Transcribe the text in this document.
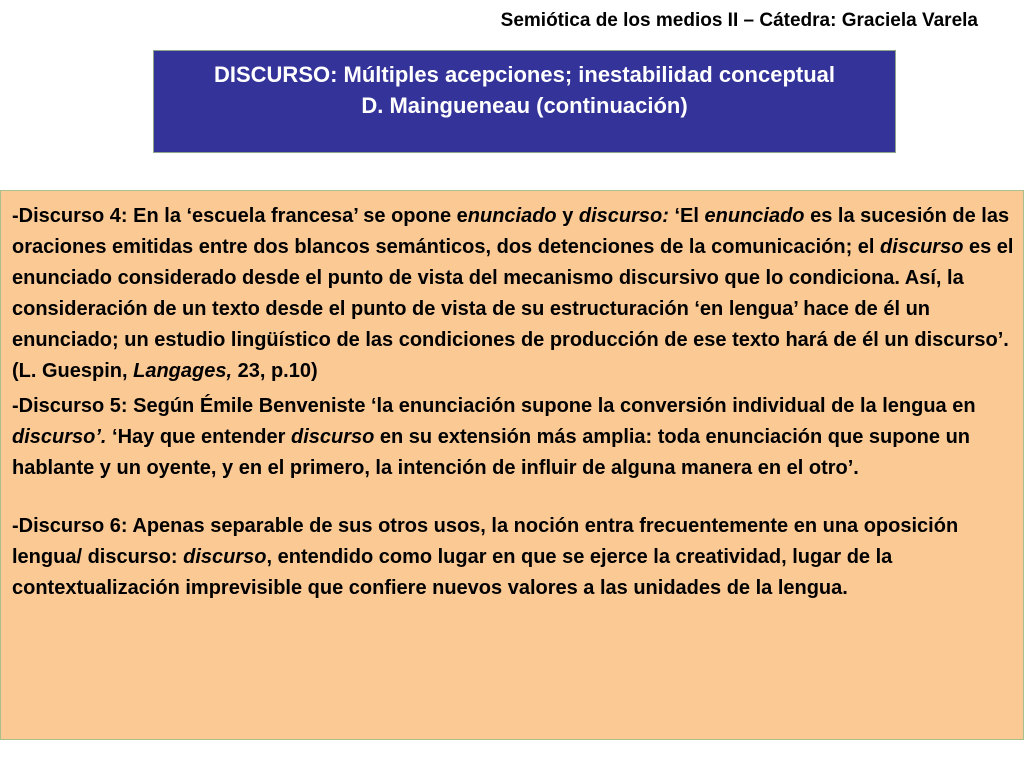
Semiótica de los medios II – Cátedra: Graciela Varela
DISCURSO: Múltiples acepciones; inestabilidad conceptual
D. Maingueneau (continuación)

-Discurso 4: En la ‘escuela francesa’ se opone enunciado y discurso: ‘El enunciado es la sucesión de las oraciones emitidas entre dos blancos semánticos, dos detenciones de la comunicación; el discurso es el enunciado considerado desde el punto de vista del mecanismo discursivo que lo condiciona. Así, la consideración de un texto desde el punto de vista de su estructuración ‘en lengua’ hace de él un enunciado; un estudio lingüístico de las condiciones de producción de ese texto hará de él un discurso’. (L. Guespin, Langages, 23, p.10)

-Discurso 5: Según Émile Benveniste ‘la enunciación supone la conversión individual de la lengua en discurso’. ‘Hay que entender discurso en su extensión más amplia: toda enunciación que supone un hablante y un oyente, y en el primero, la intención de influir de alguna manera en el otro’.

-Discurso 6: Apenas separable de sus otros usos, la noción entra frecuentemente en una oposición lengua/ discurso: discurso, entendido como lugar en que se ejerce la creatividad, lugar de la contextualización imprevisible que confiere nuevos valores a las unidades de la lengua.
